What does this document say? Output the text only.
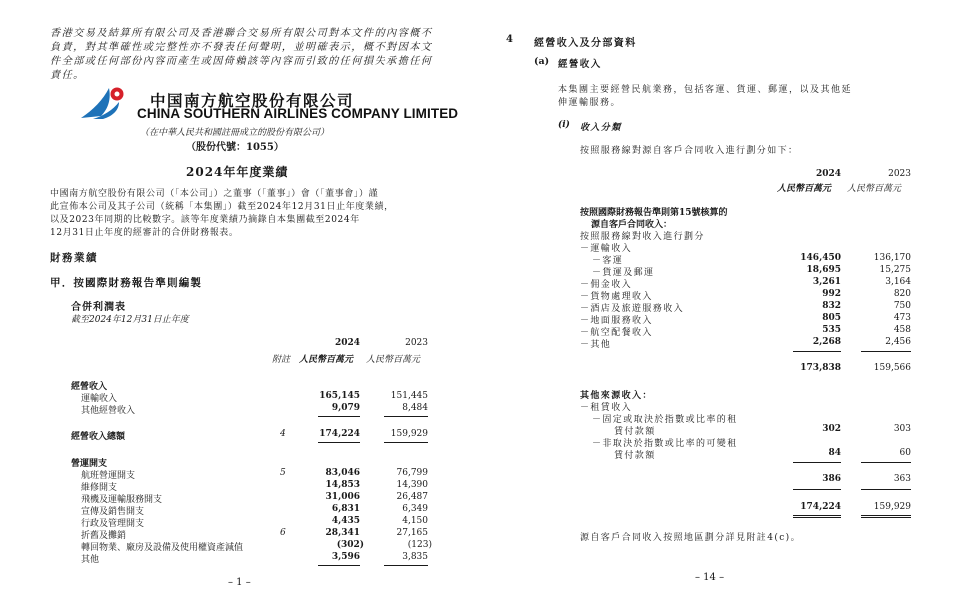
香港交易及結算所有限公司及香港聯合交易所有限公司對本文件的內容概不負責，對其準確性或完整性亦不發表任何聲明，並明確表示，概不對因本文件全部或任何部份內容而產生或因倚賴該等內容而引致的任何損失承擔任何責任。
中国南方航空股份有限公司
CHINA SOUTHERN AIRLINES COMPANY LIMITED
（在中華人民共和國註冊成立的股份有限公司）
（股份代號：1055）
2024年年度業績
中國南方航空股份有限公司（「本公司」）之董事（「董事」）會（「董事會」）謹
此宣佈本公司及其子公司（統稱「本集團」）截至2024年12月31日止年度業績，
以及2023年同期的比較數字。該等年度業績乃摘錄自本集團截至2024年
12月31日止年度的經審計的合併財務報表。
財務業績
甲．按國際財務報告準則編製
合併利潤表
截至2024年12月31日止年度
2024	2023
附註 人民幣百萬元 人民幣百萬元
經營收入
運輸收入	165,145	151,445
其他經營收入	9,079	8,484
經營收入總額	4	174,224	159,929
營運開支
航班營運開支	5	83,046	76,799
維修開支	14,853	14,390
飛機及運輸服務開支	31,006	26,487
宣傳及銷售開支	6,831	6,349
行政及管理開支	4,435	4,150
折舊及攤銷	6	28,341	27,165
轉回物業、廠房及設備及使用權資產減值	(302)	(123)
其他	3,596	3,835
– 1 –
4 經營收入及分部資料
(a) 經營收入
本集團主要經營民航業務，包括客運、貨運、郵運，以及其他延
伸運輸服務。
(i) 收入分類
按照服務線對源自客戶合同收入進行劃分如下：
2024	2023
人民幣百萬元 人民幣百萬元
按照國際財務報告準則第15號核算的
源自客戶合同收入：
按照服務線對收入進行劃分
－運輸收入
－客運	146,450	136,170
－貨運及郵運	18,695	15,275
－佣金收入	3,261	3,164
－貨物處理收入	992	820
－酒店及旅遊服務收入	832	750
－地面服務收入	805	473
－航空配餐收入	535	458
－其他	2,268	2,456
173,838	159,566
其他來源收入：
－租賃收入
－固定或取決於指數或比率的租
賃付款額	302	303
－非取決於指數或比率的可變租
賃付款額	84	60
386	363
174,224	159,929
源自客戶合同收入按照地區劃分詳見附註4(c)。
– 14 –
